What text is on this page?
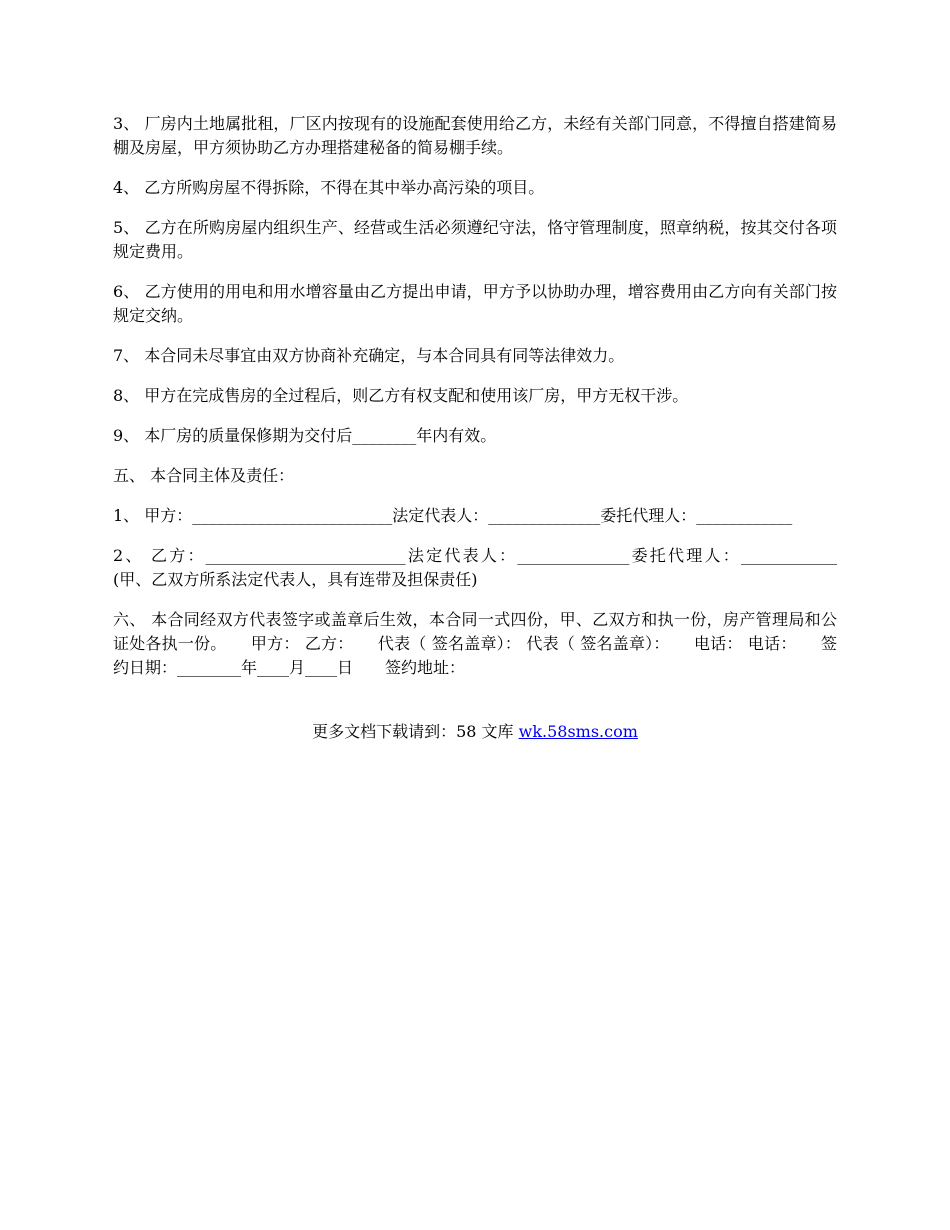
3、 厂房内土地属批租，厂区内按现有的设施配套使用给乙方，未经有关部门同意，不得擅自搭建简易棚及房屋，甲方须协助乙方办理搭建秘备的简易棚手续。

4、 乙方所购房屋不得拆除，不得在其中举办高污染的项目。

5、 乙方在所购房屋内组织生产、经营或生活必须遵纪守法，恪守管理制度，照章纳税，按其交付各项规定费用。

6、 乙方使用的用电和用水增容量由乙方提出申请，甲方予以协助办理，增容费用由乙方向有关部门按规定交纳。

7、 本合同未尽事宜由双方协商补充确定，与本合同具有同等法律效力。

8、 甲方在完成售房的全过程后，则乙方有权支配和使用该厂房，甲方无权干涉。

9、 本厂房的质量保修期为交付后________年内有效。

五、 本合同主体及责任：

1、 甲方：_________________________法定代表人：______________委托代理人：____________

2、 乙方：_________________________法定代表人：______________委托代理人：____________　　(甲、乙双方所系法定代表人，具有连带及担保责任)

六、 本合同经双方代表签字或盖章后生效，本合同一式四份，甲、乙双方和执一份，房产管理局和公证处各执一份。　　甲方： 乙方：　　代表（ 签名盖章）： 代表（ 签名盖章）：　　电话： 电话：　　签约日期：________年____月____日　　签约地址：

更多文档下载请到：58 文库 wk.58sms.com
